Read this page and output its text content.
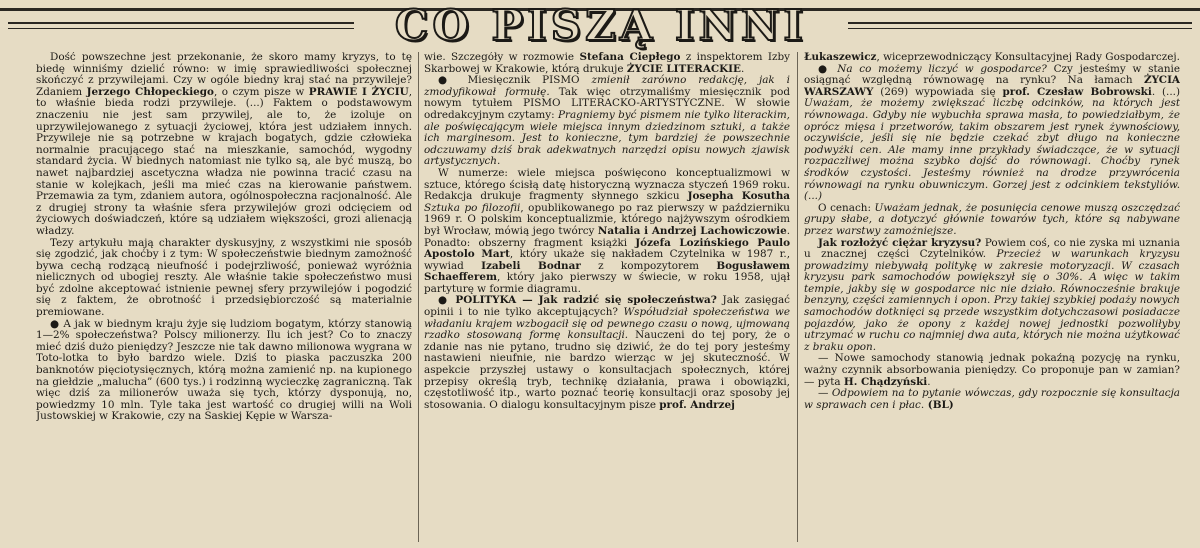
CO PISZĄ INNI

Dość powszechne jest przekonanie, że skoro mamy kryzys, to tę biedę winniśmy dzielić równo: w imię sprawiedliwości społecznej skończyć z przywilejami. Czy w ogóle biedny kraj stać na przywileje? Zdaniem Jerzego Chłopeckiego, o czym pisze w PRAWIE I ŻYCIU, to właśnie bieda rodzi przywileje. (...) Faktem o podstawowym znaczeniu nie jest sam przywilej, ale to, że izoluje on uprzywilejowanego z sytuacji życiowej, która jest udziałem innych. Przywileje nie są potrzebne w krajach bogatych, gdzie człowieka normalnie pracującego stać na mieszkanie, samochód, wygodny standard życia. W biednych natomiast nie tylko są, ale być muszą, bo nawet najbardziej ascetyczna władza nie powinna tracić czasu na stanie w kolejkach, jeśli ma mieć czas na kierowanie państwem. Przemawia za tym, zdaniem autora, ogólnospołeczna racjonalność. Ale z drugiej strony ta właśnie sfera przywilejów grozi odcięciem od życiowych doświadczeń, które są udziałem większości, grozi alienacją władzy.

Tezy artykułu mają charakter dyskusyjny, z wszystkimi nie sposób się zgodzić, jak choćby i z tym: W społeczeństwie biednym zamożność bywa cechą rodzącą nieufność i podejrzliwość, ponieważ wyróżnia nielicznych od ubogiej reszty. Ale właśnie takie społeczeństwo musi być zdolne akceptować istnienie pewnej sfery przywilejów i pogodzić się z faktem, że obrotność i przedsiębiorczość są materialnie premiowane.

● A jak w biednym kraju żyje się ludziom bogatym, którzy stanowią 1—2% społeczeństwa? Polscy milionerzy. Ilu ich jest? Co to znaczy mieć dziś dużo pieniędzy? Jeszcze nie tak dawno milionowa wygrana w Toto-lotka to było bardzo wiele. Dziś to piaska paczuszka 200 banknotów pięciotysięcznych, którą można zamienić np. na kupionego na giełdzie „malucha” (600 tys.) i rodzinną wycieczkę zagraniczną. Tak więc dziś za milionerów uważa się tych, którzy dysponują, no, powiedzmy 10 mln. Tyle taka jest wartość co drugiej willi na Woli Justowskiej w Krakowie, czy na Saskiej Kępie w Warsza-

wie. Szczegóły w rozmowie Stefana Ciepłego z inspektorem Izby Skarbowej w Krakowie, którą drukuje ŻYCIE LITERACKIE.

● Miesięcznik PISMO zmienił zarówno redakcję, jak i zmodyfikował formułę. Tak więc otrzymaliśmy miesięcznik pod nowym tytułem PISMO LITERACKO-ARTYSTYCZNE. W słowie odredakcyjnym czytamy: Pragniemy być pismem nie tylko literackim, ale poświęcającym wiele miejsca innym dziedzinom sztuki, a także ich marginesom. Jest to konieczne, tym bardziej że powszechnie odczuwamy dziś brak adekwatnych narzędzi opisu nowych zjawisk artystycznych.

W numerze: wiele miejsca poświęcono konceptualizmowi w sztuce, którego ścisłą datę historyczną wyznacza styczeń 1969 roku. Redakcja drukuje fragmenty słynnego szkicu Josepha Kosutha Sztuka po filozofii, opublikowanego po raz pierwszy w październiku 1969 r. O polskim konceptualizmie, którego najżywszym ośrodkiem był Wrocław, mówią jego twórcy Natalia i Andrzej Lachowiczowie. Ponadto: obszerny fragment książki Józefa Lozińskiego Paulo Apostolo Mart, który ukaże się nakładem Czytelnika w 1987 r., wywiad Izabeli Bodnar z kompozytorem Bogusławem Schaefferem, który jako pierwszy w świecie, w roku 1958, ujął partyturę w formie diagramu.

● POLITYKA — Jak radzić się społeczeństwa? Jak zasięgać opinii i to nie tylko akceptujących? Współudział społeczeństwa we władaniu krajem wzbogacił się od pewnego czasu o nową, ujmowaną rzadko stosowaną formę konsultacji. Nauczeni do tej pory, że o zdanie nas nie pytano, trudno się dziwić, że do tej pory jesteśmy nastawieni nieufnie, nie bardzo wierząc w jej skuteczność. W aspekcie przyszłej ustawy o konsultacjach społecznych, której przepisy określą tryb, technikę działania, prawa i obowiązki, częstotliwość itp., warto poznać teorię konsultacji oraz sposoby jej stosowania. O dialogu konsultacyjnym pisze prof. Andrzej

Łukaszewicz, wiceprzewodniczący Konsultacyjnej Rady Gospodarczej.

● Na co możemy liczyć w gospodarce? Czy jesteśmy w stanie osiągnąć względną równowagę na rynku? Na łamach ŻYCIA WARSZAWY (269) wypowiada się prof. Czesław Bobrowski. (...) Uważam, że możemy zwiększać liczbę odcinków, na których jest równowaga. Gdyby nie wybuchła sprawa masła, to powiedziałbym, że oprócz mięsa i przetworów, takim obszarem jest rynek żywnościowy, oczywiście, jeśli się nie będzie czekać zbyt długo na konieczne podwyżki cen. Ale mamy inne przykłady świadczące, że w sytuacji rozpaczliwej można szybko dojść do równowagi. Choćby rynek środków czystości. Jesteśmy również na drodze przywrócenia równowagi na rynku obuwniczym. Gorzej jest z odcinkiem tekstyliów. (...)

O cenach: Uważam jednak, że posunięcia cenowe muszą oszczędzać grupy słabe, a dotyczyć głównie towarów tych, które są nabywane przez warstwy zamożniejsze.

Jak rozłożyć ciężar kryzysu? Powiem coś, co nie zyska mi uznania u znacznej części Czytelników. Przecież w warunkach kryzysu prowadzimy niebywałą politykę w zakresie motoryzacji. W czasach kryzysu park samochodów powiększył się o 30%. A więc w takim tempie, jakby się w gospodarce nic nie działo. Równocześnie brakuje benzyny, części zamiennych i opon. Przy takiej szybkiej podaży nowych samochodów dotknięci są przede wszystkim dotychczasowi posiadacze pojazdów, jako że opony z każdej nowej jednostki pozwoliłyby utrzymać w ruchu co najmniej dwa auta, których nie można użytkować z braku opon.

— Nowe samochody stanowią jednak pokaźną pozycję na rynku, ważny czynnik absorbowania pieniędzy. Co proponuje pan w zamian? — pyta H. Chądzyński.

— Odpowiem na to pytanie wówczas, gdy rozpocznie się konsultacja w sprawach cen i płac. (BL)
